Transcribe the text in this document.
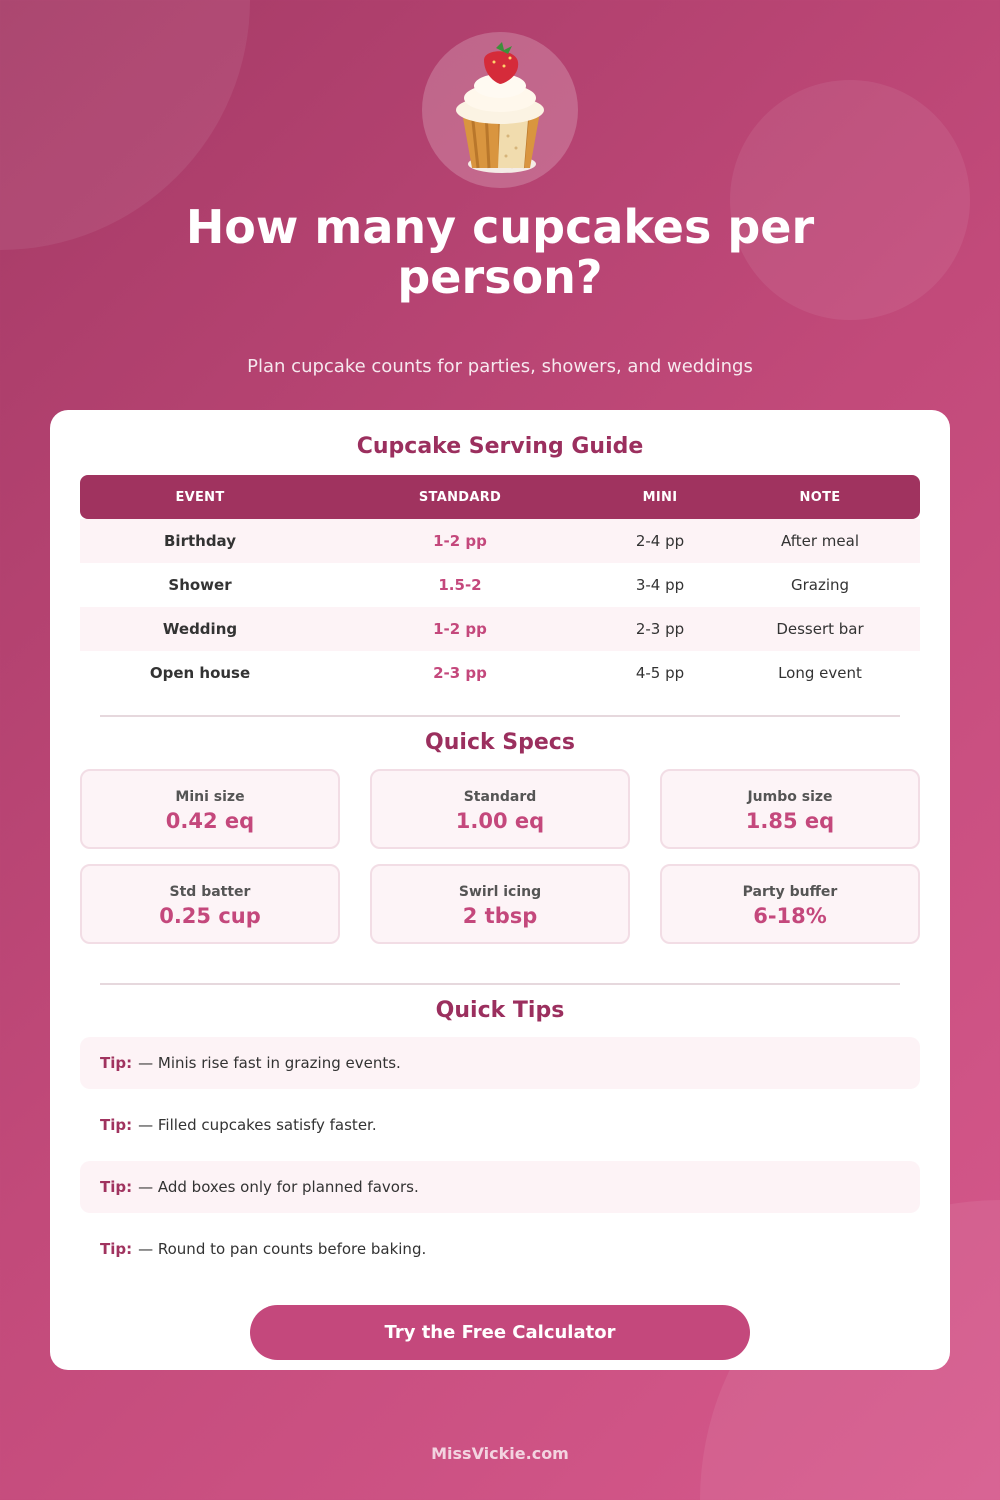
How many cupcakes per person?
Plan cupcake counts for parties, showers, and weddings
Cupcake Serving Guide
EVENT	STANDARD	MINI	NOTE
Birthday	1-2 pp	2-4 pp	After meal
Shower	1.5-2	3-4 pp	Grazing
Wedding	1-2 pp	2-3 pp	Dessert bar
Open house	2-3 pp	4-5 pp	Long event
Quick Specs
Mini size
0.42 eq
Standard
1.00 eq
Jumbo size
1.85 eq
Std batter
0.25 cup
Swirl icing
2 tbsp
Party buffer
6-18%
Quick Tips
Tip: — Minis rise fast in grazing events.
Tip: — Filled cupcakes satisfy faster.
Tip: — Add boxes only for planned favors.
Tip: — Round to pan counts before baking.
Try the Free Calculator
MissVickie.com
